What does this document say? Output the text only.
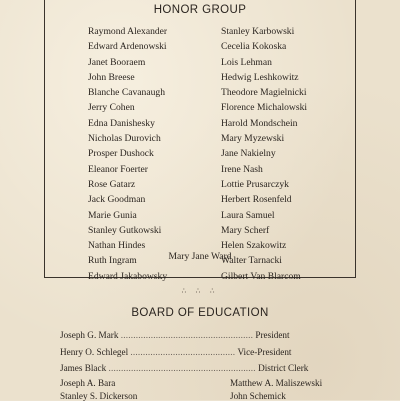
HONOR GROUP
Raymond Alexander
Edward Ardenowski
Janet Booraem
John Breese
Blanche Cavanaugh
Jerry Cohen
Edna Danishesky
Nicholas Durovich
Prosper Dushock
Eleanor Foerter
Rose Gatarz
Jack Goodman
Marie Gunia
Stanley Gutkowski
Nathan Hindes
Ruth Ingram
Edward Jakabowsky
Stanley Karbowski
Cecelia Kokoska
Lois Lehman
Hedwig Leshkowitz
Theodore Magielnicki
Florence Michalowski
Harold Mondschein
Mary Myzewski
Jane Nakielny
Irene Nash
Lottie Prusarczyk
Herbert Rosenfeld
Laura Samuel
Mary Scherf
Helen Szakowitz
Walter Tarnacki
Gilbert Van Blarcom
Mary Jane Ward
∴ ∴ ∴
BOARD OF EDUCATION
Joseph G. Mark ..................................................... President
Henry O. Schlegel .......................................... Vice-President
James Black ........................................................... District Clerk
Joseph A. Bara	Matthew A. Maliszewski
Stanley S. Dickerson	John Schemick
